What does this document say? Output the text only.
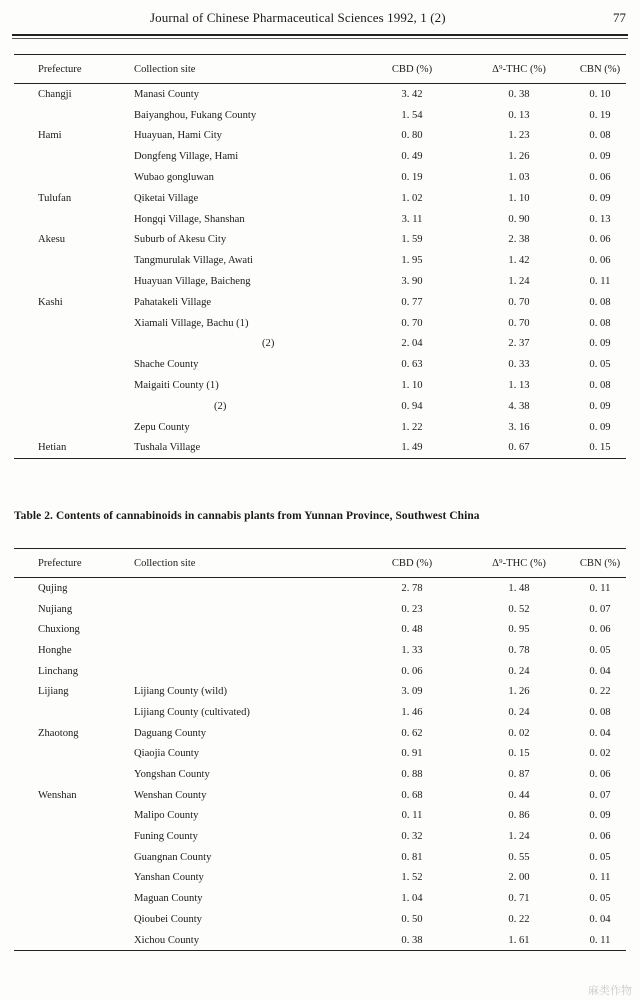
Journal of Chinese Pharmaceutical Sciences 1992, 1 (2)	77
Prefecture	Collection site	CBD (%)	Δ⁹-THC (%)	CBN (%)
Changji	Manasi County	3. 42	0. 38	0. 10
	Baiyanghou, Fukang County	1. 54	0. 13	0. 19
Hami	Huayuan, Hami City	0. 80	1. 23	0. 08
	Dongfeng Village, Hami	0. 49	1. 26	0. 09
	Wubao gongluwan	0. 19	1. 03	0. 06
Tulufan	Qiketai Village	1. 02	1. 10	0. 09
	Hongqi Village, Shanshan	3. 11	0. 90	0. 13
Akesu	Suburb of Akesu City	1. 59	2. 38	0. 06
	Tangmurulak Village, Awati	1. 95	1. 42	0. 06
	Huayuan Village, Baicheng	3. 90	1. 24	0. 11
Kashi	Pahatakeli Village	0. 77	0. 70	0. 08
	Xiamali Village, Bachu (1)	0. 70	0. 70	0. 08
	(2)	2. 04	2. 37	0. 09
	Shache County	0. 63	0. 33	0. 05
	Maigaiti County (1)	1. 10	1. 13	0. 08
	(2)	0. 94	4. 38	0. 09
	Zepu County	1. 22	3. 16	0. 09
Hetian	Tushala Village	1. 49	0. 67	0. 15
Table 2. Contents of cannabinoids in cannabis plants from Yunnan Province, Southwest China
Prefecture	Collection site	CBD (%)	Δ⁹-THC (%)	CBN (%)
Qujing		2. 78	1. 48	0. 11
Nujiang		0. 23	0. 52	0. 07
Chuxiong		0. 48	0. 95	0. 06
Honghe		1. 33	0. 78	0. 05
Linchang		0. 06	0. 24	0. 04
Lijiang	Lijiang County (wild)	3. 09	1. 26	0. 22
	Lijiang County (cultivated)	1. 46	0. 24	0. 08
Zhaotong	Daguang County	0. 62	0. 02	0. 04
	Qiaojia County	0. 91	0. 15	0. 02
	Yongshan County	0. 88	0. 87	0. 06
Wenshan	Wenshan County	0. 68	0. 44	0. 07
	Malipo County	0. 11	0. 86	0. 09
	Funing County	0. 32	1. 24	0. 06
	Guangnan County	0. 81	0. 55	0. 05
	Yanshan County	1. 52	2. 00	0. 11
	Maguan County	1. 04	0. 71	0. 05
	Qioubei County	0. 50	0. 22	0. 04
	Xichou County	0. 38	1. 61	0. 11
麻类作物
